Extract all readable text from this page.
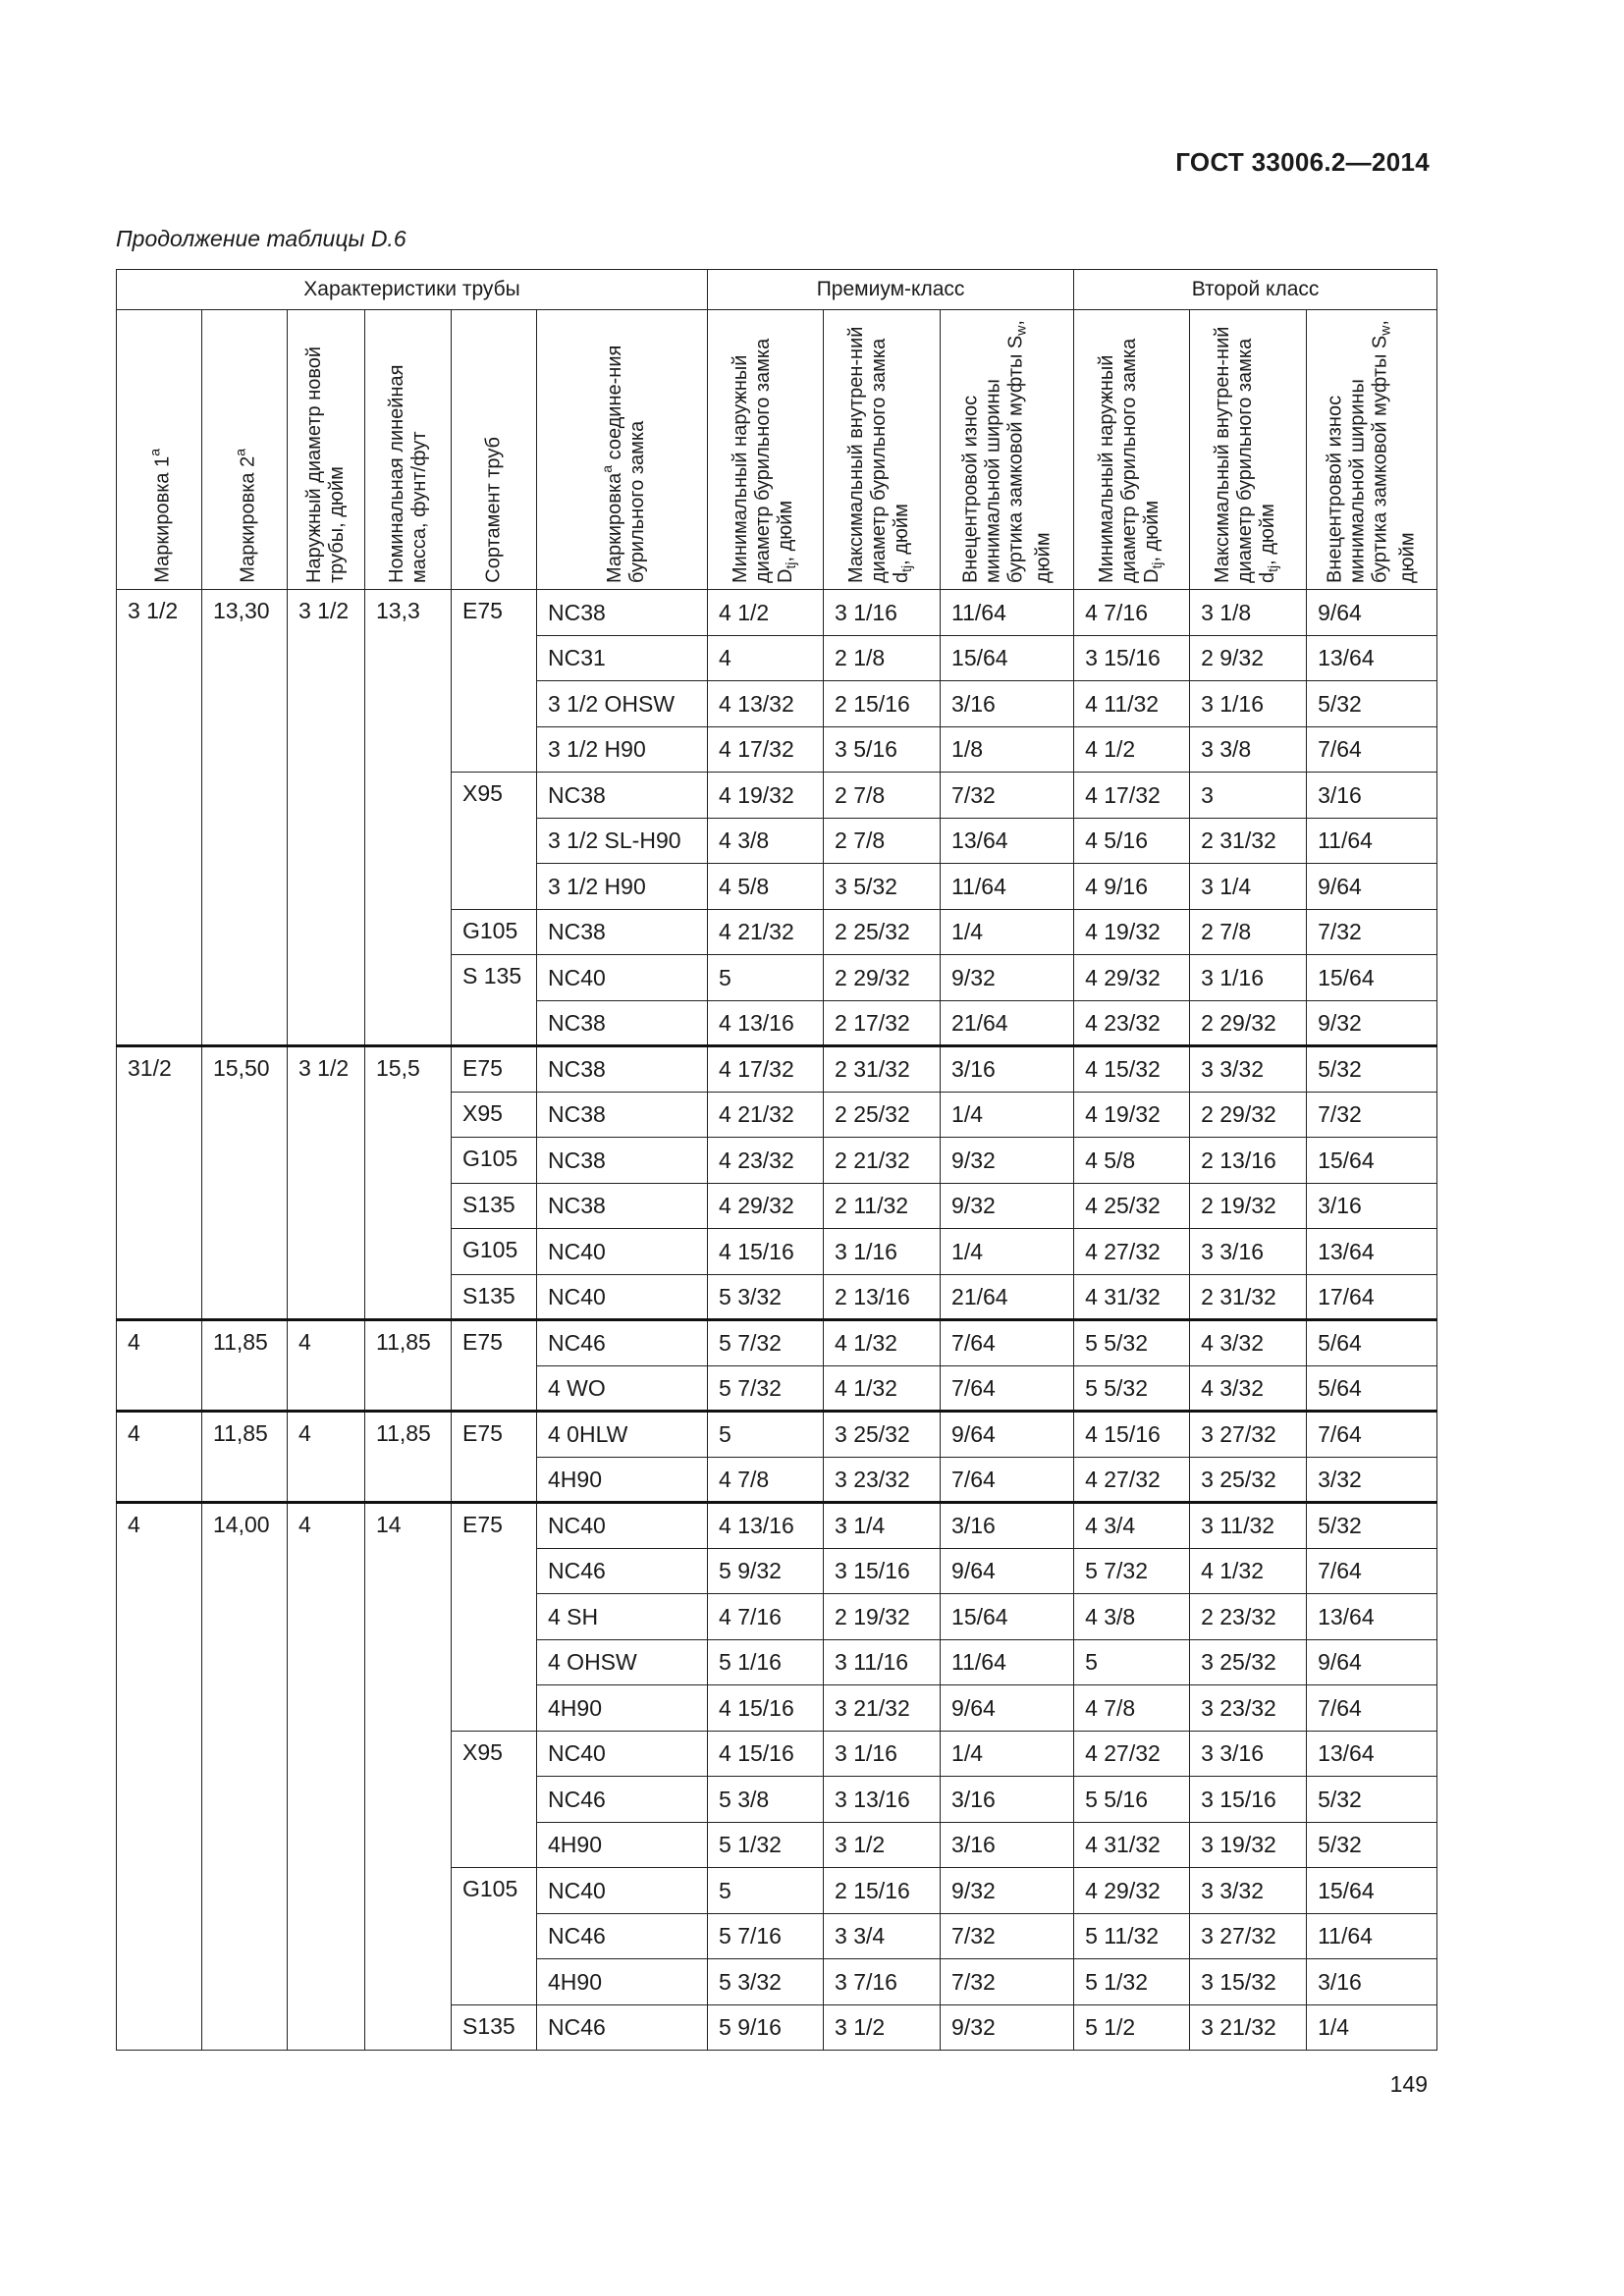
ГОСТ 33006.2—2014
Продолжение таблицы D.6
Характеристики трубы						Премиум-класс			Второй класс		

Маркировка $1^а$	Маркировка $2^а$	Наружный диаметр новой трубы, дюйм	Номинальная линейная масса, фунт/фут	Сортамент труб	Маркировка$^а$ соедине-ния бурильного замка	Минимальный наружный диаметр бурильного замка $D_{tj}$, дюйм	Максимальный внутрен-ний диаметр бурильного замка $d_{tj}$, дюйм	Внецентровой износ минимальной ширины буртика замковой муфты $S_w$, дюйм	Минимальный наружный диаметр бурильного замка $D_{tj}$, дюйм	Максимальный внутрен-ний диаметр бурильного замка $d_{tj}$, дюйм	Внецентровой износ минимальной ширины буртика замковой муфты $S_w$, дюйм

3 1/2	13,30	3 1/2	13,3	E75	NC38	4 1/2	3 1/16	11/64	4 7/16	3 1/8	9/64
					NC31	4	2 1/8	15/64	3 15/16	2 9/32	13/64
					3 1/2 OHSW	4 13/32	2 15/16	3/16	4 11/32	3 1/16	5/32
					3 1/2 H90	4 17/32	3 5/16	1/8	4 1/2	3 3/8	7/64
				X95	NC38	4 19/32	2 7/8	7/32	4 17/32	3	3/16
					3 1/2 SL-H90	4 3/8	2 7/8	13/64	4 5/16	2 31/32	11/64
					3 1/2 H90	4 5/8	3 5/32	11/64	4 9/16	3 1/4	9/64
				G105	NC38	4 21/32	2 25/32	1/4	4 19/32	2 7/8	7/32
				S 135	NC40	5	2 29/32	9/32	4 29/32	3 1/16	15/64
					NC38	4 13/16	2 17/32	21/64	4 23/32	2 29/32	9/32
31/2	15,50	3 1/2	15,5	E75	NC38	4 17/32	2 31/32	3/16	4 15/32	3 3/32	5/32
				X95	NC38	4 21/32	2 25/32	1/4	4 19/32	2 29/32	7/32
				G105	NC38	4 23/32	2 21/32	9/32	4 5/8	2 13/16	15/64
				S135	NC38	4 29/32	2 11/32	9/32	4 25/32	2 19/32	3/16
				G105	NC40	4 15/16	3 1/16	1/4	4 27/32	3 3/16	13/64
				S135	NC40	5 3/32	2 13/16	21/64	4 31/32	2 31/32	17/64
4	11,85	4	11,85	E75	NC46	5 7/32	4 1/32	7/64	5 5/32	4 3/32	5/64
					4 WO	5 7/32	4 1/32	7/64	5 5/32	4 3/32	5/64
4	11,85	4	11,85	E75	4 0HLW	5	3 25/32	9/64	4 15/16	3 27/32	7/64
					4H90	4 7/8	3 23/32	7/64	4 27/32	3 25/32	3/32
4	14,00	4	14	E75	NC40	4 13/16	3 1/4	3/16	4 3/4	3 11/32	5/32
					NC46	5 9/32	3 15/16	9/64	5 7/32	4 1/32	7/64
					4 SH	4 7/16	2 19/32	15/64	4 3/8	2 23/32	13/64
					4 OHSW	5 1/16	3 11/16	11/64	5	3 25/32	9/64
					4H90	4 15/16	3 21/32	9/64	4 7/8	3 23/32	7/64
				X95	NC40	4 15/16	3 1/16	1/4	4 27/32	3 3/16	13/64
					NC46	5 3/8	3 13/16	3/16	5 5/16	3 15/16	5/32
					4H90	5 1/32	3 1/2	3/16	4 31/32	3 19/32	5/32
				G105	NC40	5	2 15/16	9/32	4 29/32	3 3/32	15/64
					NC46	5 7/16	3 3/4	7/32	5 11/32	3 27/32	11/64
					4H90	5 3/32	3 7/16	7/32	5 1/32	3 15/32	3/16
				S135	NC46	5 9/16	3 1/2	9/32	5 1/2	3 21/32	1/4
149
